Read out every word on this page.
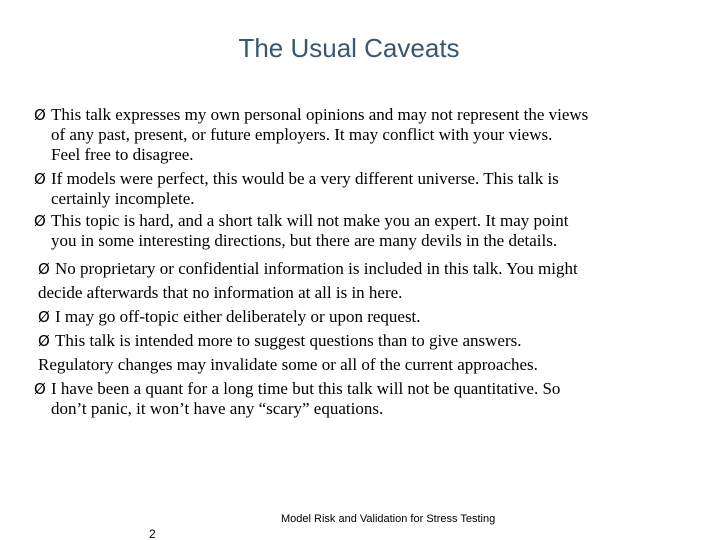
The Usual Caveats
Ø This talk expresses my own personal opinions and may not represent the views
of any past, present, or future employers. It may conflict with your views.
Feel free to disagree.
Ø If models were perfect, this would be a very different universe. This talk is
certainly incomplete.
Ø This topic is hard, and a short talk will not make you an expert. It may point
you in some interesting directions, but there are many devils in the details.
Ø No proprietary or confidential information is included in this talk. You might
decide afterwards that no information at all is in here.
Ø I may go off-topic either deliberately or upon request.
Ø This talk is intended more to suggest questions than to give answers.
Regulatory changes may invalidate some or all of the current approaches.
Ø I have been a quant for a long time but this talk will not be quantitative. So
don’t panic, it won’t have any “scary” equations.
Model Risk and Validation for Stress Testing
2
